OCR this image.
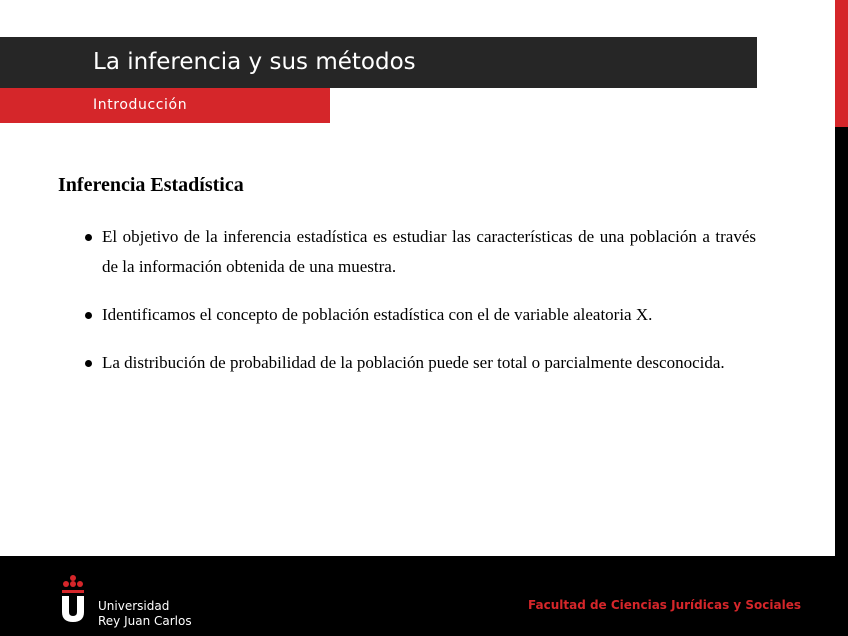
La inferencia y sus métodos
Introducción
Inferencia Estadística
El objetivo de la inferencia estadística es estudiar las características de una población a través de la información obtenida de una muestra.
Identificamos el concepto de población estadística con el de variable aleatoria X.
La distribución de probabilidad de la población puede ser total o parcialmente desconocida.
Universidad
Rey Juan Carlos
Facultad de Ciencias Jurídicas y Sociales
